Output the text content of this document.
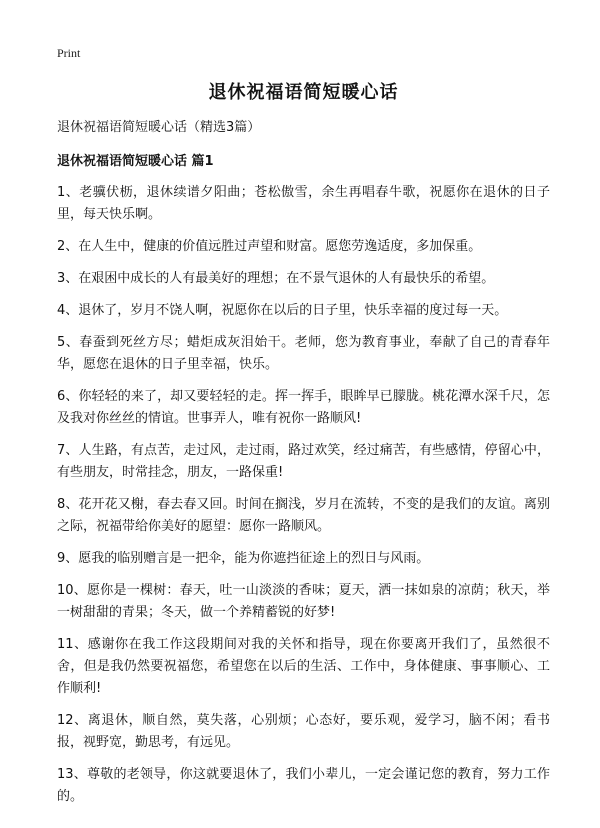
Print
退休祝福语简短暖心话
退休祝福语简短暖心话（精选3篇）
退休祝福语简短暖心话 篇1
1、老骥伏枥，退休续谱夕阳曲；苍松傲雪，余生再唱春牛歌，祝愿你在退休的日子里，每天快乐啊。
2、在人生中，健康的价值远胜过声望和财富。愿您劳逸适度，多加保重。
3、在艰困中成长的人有最美好的理想；在不景气退休的人有最快乐的希望。
4、退休了，岁月不饶人啊，祝愿你在以后的日子里，快乐幸福的度过每一天。
5、春蚕到死丝方尽；蜡炬成灰泪始干。老师，您为教育事业，奉献了自己的青春年华，愿您在退休的日子里幸福，快乐。
6、你轻轻的来了，却又要轻轻的走。挥一挥手，眼眸早已朦胧。桃花潭水深千尺，怎及我对你丝丝的情谊。世事弄人，唯有祝你一路顺风!
7、人生路，有点苦，走过风，走过雨，路过欢笑，经过痛苦，有些感情，停留心中，有些朋友，时常挂念，朋友，一路保重!
8、花开花又榭，春去春又回。时间在搁浅，岁月在流转，不变的是我们的友谊。离别之际，祝福带给你美好的愿望：愿你一路顺风。
9、愿我的临别赠言是一把伞，能为你遮挡征途上的烈日与风雨。
10、愿你是一棵树：春天，吐一山淡淡的香味；夏天，洒一抹如泉的凉荫；秋天，举一树甜甜的青果；冬天，做一个养精蓄锐的好梦!
11、感谢你在我工作这段期间对我的关怀和指导，现在你要离开我们了，虽然很不舍，但是我仍然要祝福您，希望您在以后的生活、工作中，身体健康、事事顺心、工作顺利!
12、离退休，顺自然，莫失落，心别烦；心态好，要乐观，爱学习，脑不闲；看书报，视野宽，勤思考，有远见。
13、尊敬的老领导，你这就要退休了，我们小辈儿，一定会谨记您的教育，努力工作的。
